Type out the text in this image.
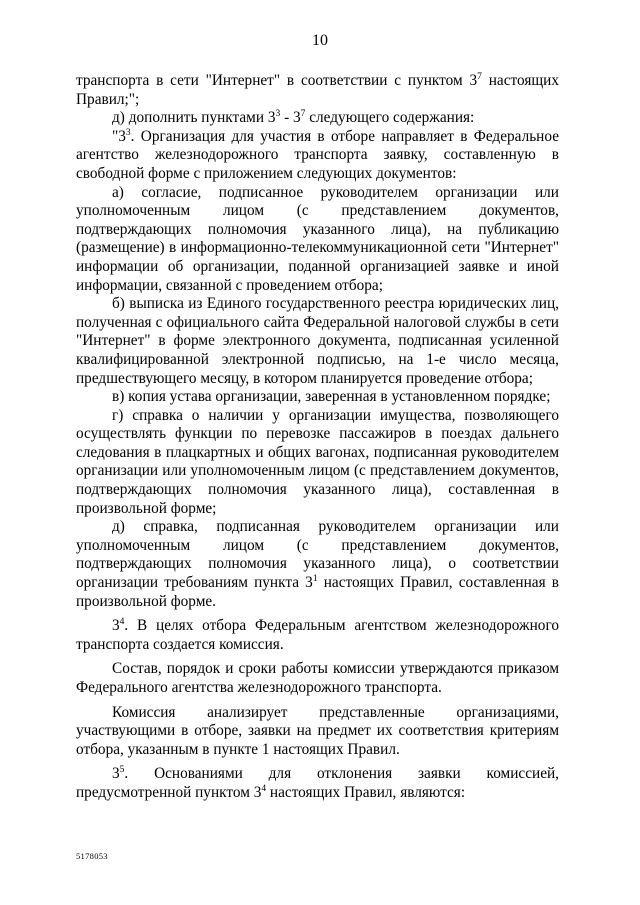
10

транспорта в сети "Интернет" в соответствии с пунктом $3^7$ настоящих Правил;";

д) дополнить пунктами $3^3 - 3^7$ следующего содержания:

"$3^3$. Организация для участия в отборе направляет в Федеральное агентство железнодорожного транспорта заявку, составленную в свободной форме с приложением следующих документов:

а) согласие, подписанное руководителем организации или уполномоченным лицом (с представлением документов, подтверждающих полномочия указанного лица), на публикацию (размещение) в информационно-телекоммуникационной сети "Интернет" информации об организации, поданной организацией заявке и иной информации, связанной с проведением отбора;

б) выписка из Единого государственного реестра юридических лиц, полученная с официального сайта Федеральной налоговой службы в сети "Интернет" в форме электронного документа, подписанная усиленной квалифицированной электронной подписью, на 1-е число месяца, предшествующего месяцу, в котором планируется проведение отбора;

в) копия устава организации, заверенная в установленном порядке;

г) справка о наличии у организации имущества, позволяющего осуществлять функции по перевозке пассажиров в поездах дальнего следования в плацкартных и общих вагонах, подписанная руководителем организации или уполномоченным лицом (с представлением документов, подтверждающих полномочия указанного лица), составленная в произвольной форме;

д) справка, подписанная руководителем организации или уполномоченным лицом (с представлением документов, подтверждающих полномочия указанного лица), о соответствии организации требованиям пункта $3^1$ настоящих Правил, составленная в произвольной форме.

$3^4$. В целях отбора Федеральным агентством железнодорожного транспорта создается комиссия.

Состав, порядок и сроки работы комиссии утверждаются приказом Федерального агентства железнодорожного транспорта.

Комиссия анализирует представленные организациями, участвующими в отборе, заявки на предмет их соответствия критериям отбора, указанным в пункте 1 настоящих Правил.

$3^5$. Основаниями для отклонения заявки комиссией, предусмотренной пунктом $3^4$ настоящих Правил, являются:

5178053
